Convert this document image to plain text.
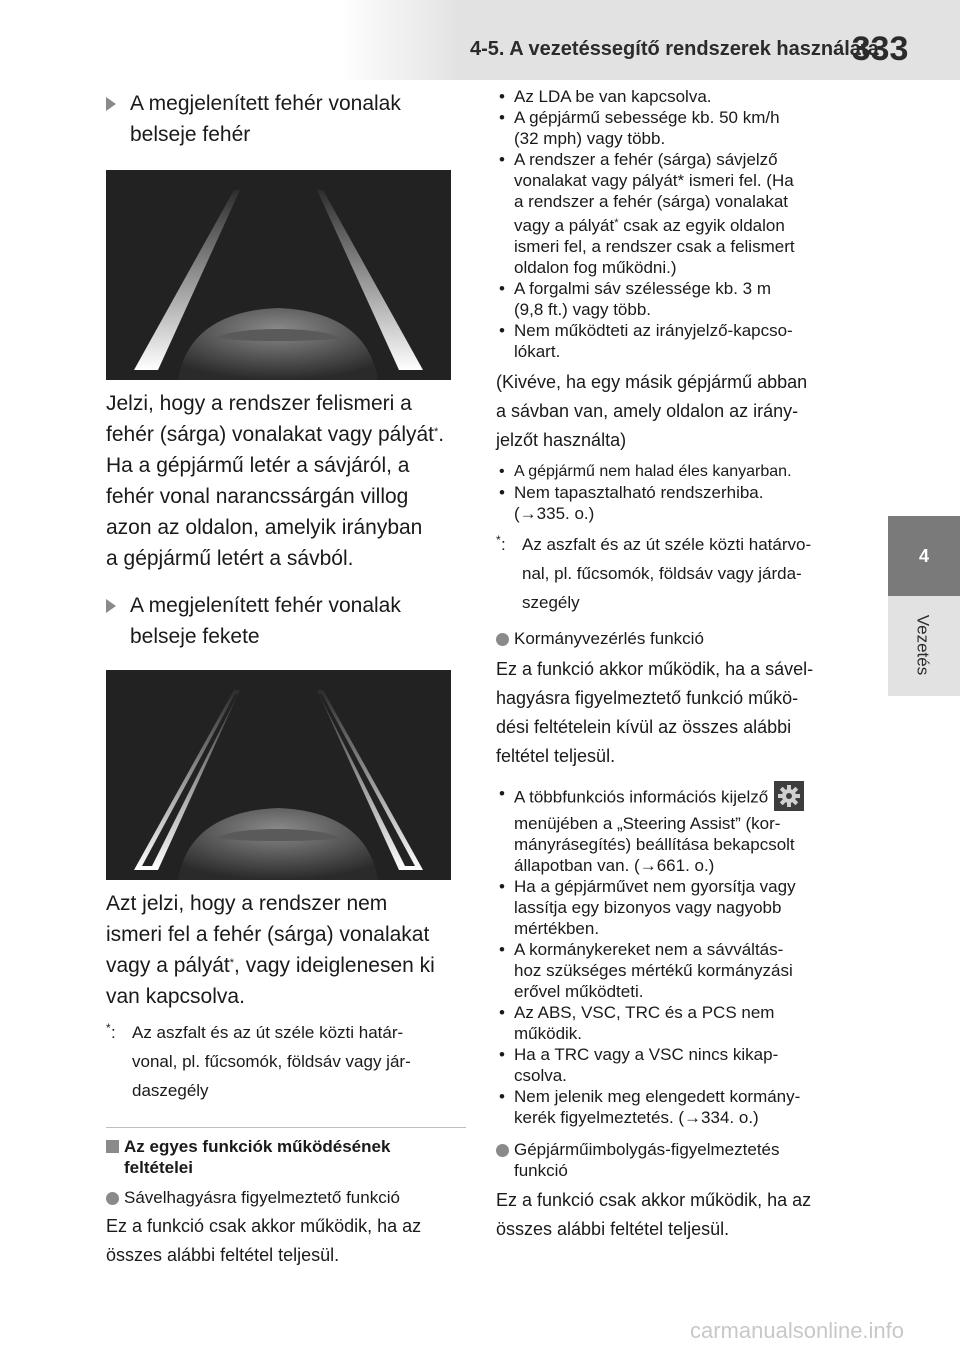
4-5. A vezetéssegítő rendszerek használata
333
4
Vezetés
A megjelenített fehér vonalak
belseje fehér
Jelzi, hogy a rendszer felismeri a
fehér (sárga) vonalakat vagy pályát*.
Ha a gépjármű letér a sávjáról, a
fehér vonal narancssárgán villog
azon az oldalon, amelyik irányban
a gépjármű letért a sávból.
A megjelenített fehér vonalak
belseje fekete
Azt jelzi, hogy a rendszer nem
ismeri fel a fehér (sárga) vonalakat
vagy a pályát*, vagy ideiglenesen ki
van kapcsolva.
* : Az aszfalt és az út széle közti határ-
vonal, pl. fűcsomók, földsáv vagy jár-
daszegély
Az egyes funkciók működésének
feltételei
Sávelhagyásra figyelmeztető funkció
Ez a funkció csak akkor működik, ha az
összes alábbi feltétel teljesül.
• Az LDA be van kapcsolva.
• A gépjármű sebessége kb. 50 km/h
(32 mph) vagy több.
• A rendszer a fehér (sárga) sávjelző
vonalakat vagy pályát* ismeri fel. (Ha
a rendszer a fehér (sárga) vonalakat
vagy a pályát* csak az egyik oldalon
ismeri fel, a rendszer csak a felismert
oldalon fog működni.)
• A forgalmi sáv szélessége kb. 3 m
(9,8 ft.) vagy több.
• Nem működteti az irányjelző-kapcso-
lókart.
(Kivéve, ha egy másik gépjármű abban
a sávban van, amely oldalon az irány-
jelzőt használta)
• A gépjármű nem halad éles kanyarban.
• Nem tapasztalható rendszerhiba.
(→335. o.)
* : Az aszfalt és az út széle közti határvo-
nal, pl. fűcsomók, földsáv vagy járda-
szegély
Kormányvezérlés funkció
Ez a funkció akkor működik, ha a sável-
hagyásra figyelmeztető funkció műkö-
dési feltételein kívül az összes alábbi
feltétel teljesül.
• A többfunkciós információs kijelző
menüjében a „Steering Assist” (kor-
mányrásegítés) beállítása bekapcsolt
állapotban van. (→661. o.)
• Ha a gépjárművet nem gyorsítja vagy
lassítja egy bizonyos vagy nagyobb
mértékben.
• A kormánykereket nem a sávváltás-
hoz szükséges mértékű kormányzási
erővel működteti.
• Az ABS, VSC, TRC és a PCS nem
működik.
• Ha a TRC vagy a VSC nincs kikap-
csolva.
• Nem jelenik meg elengedett kormány-
kerék figyelmeztetés. (→334. o.)
Gépjárműimbolygás-figyelmeztetés
funkció
Ez a funkció csak akkor működik, ha az
összes alábbi feltétel teljesül.
carmanualsonline.info
